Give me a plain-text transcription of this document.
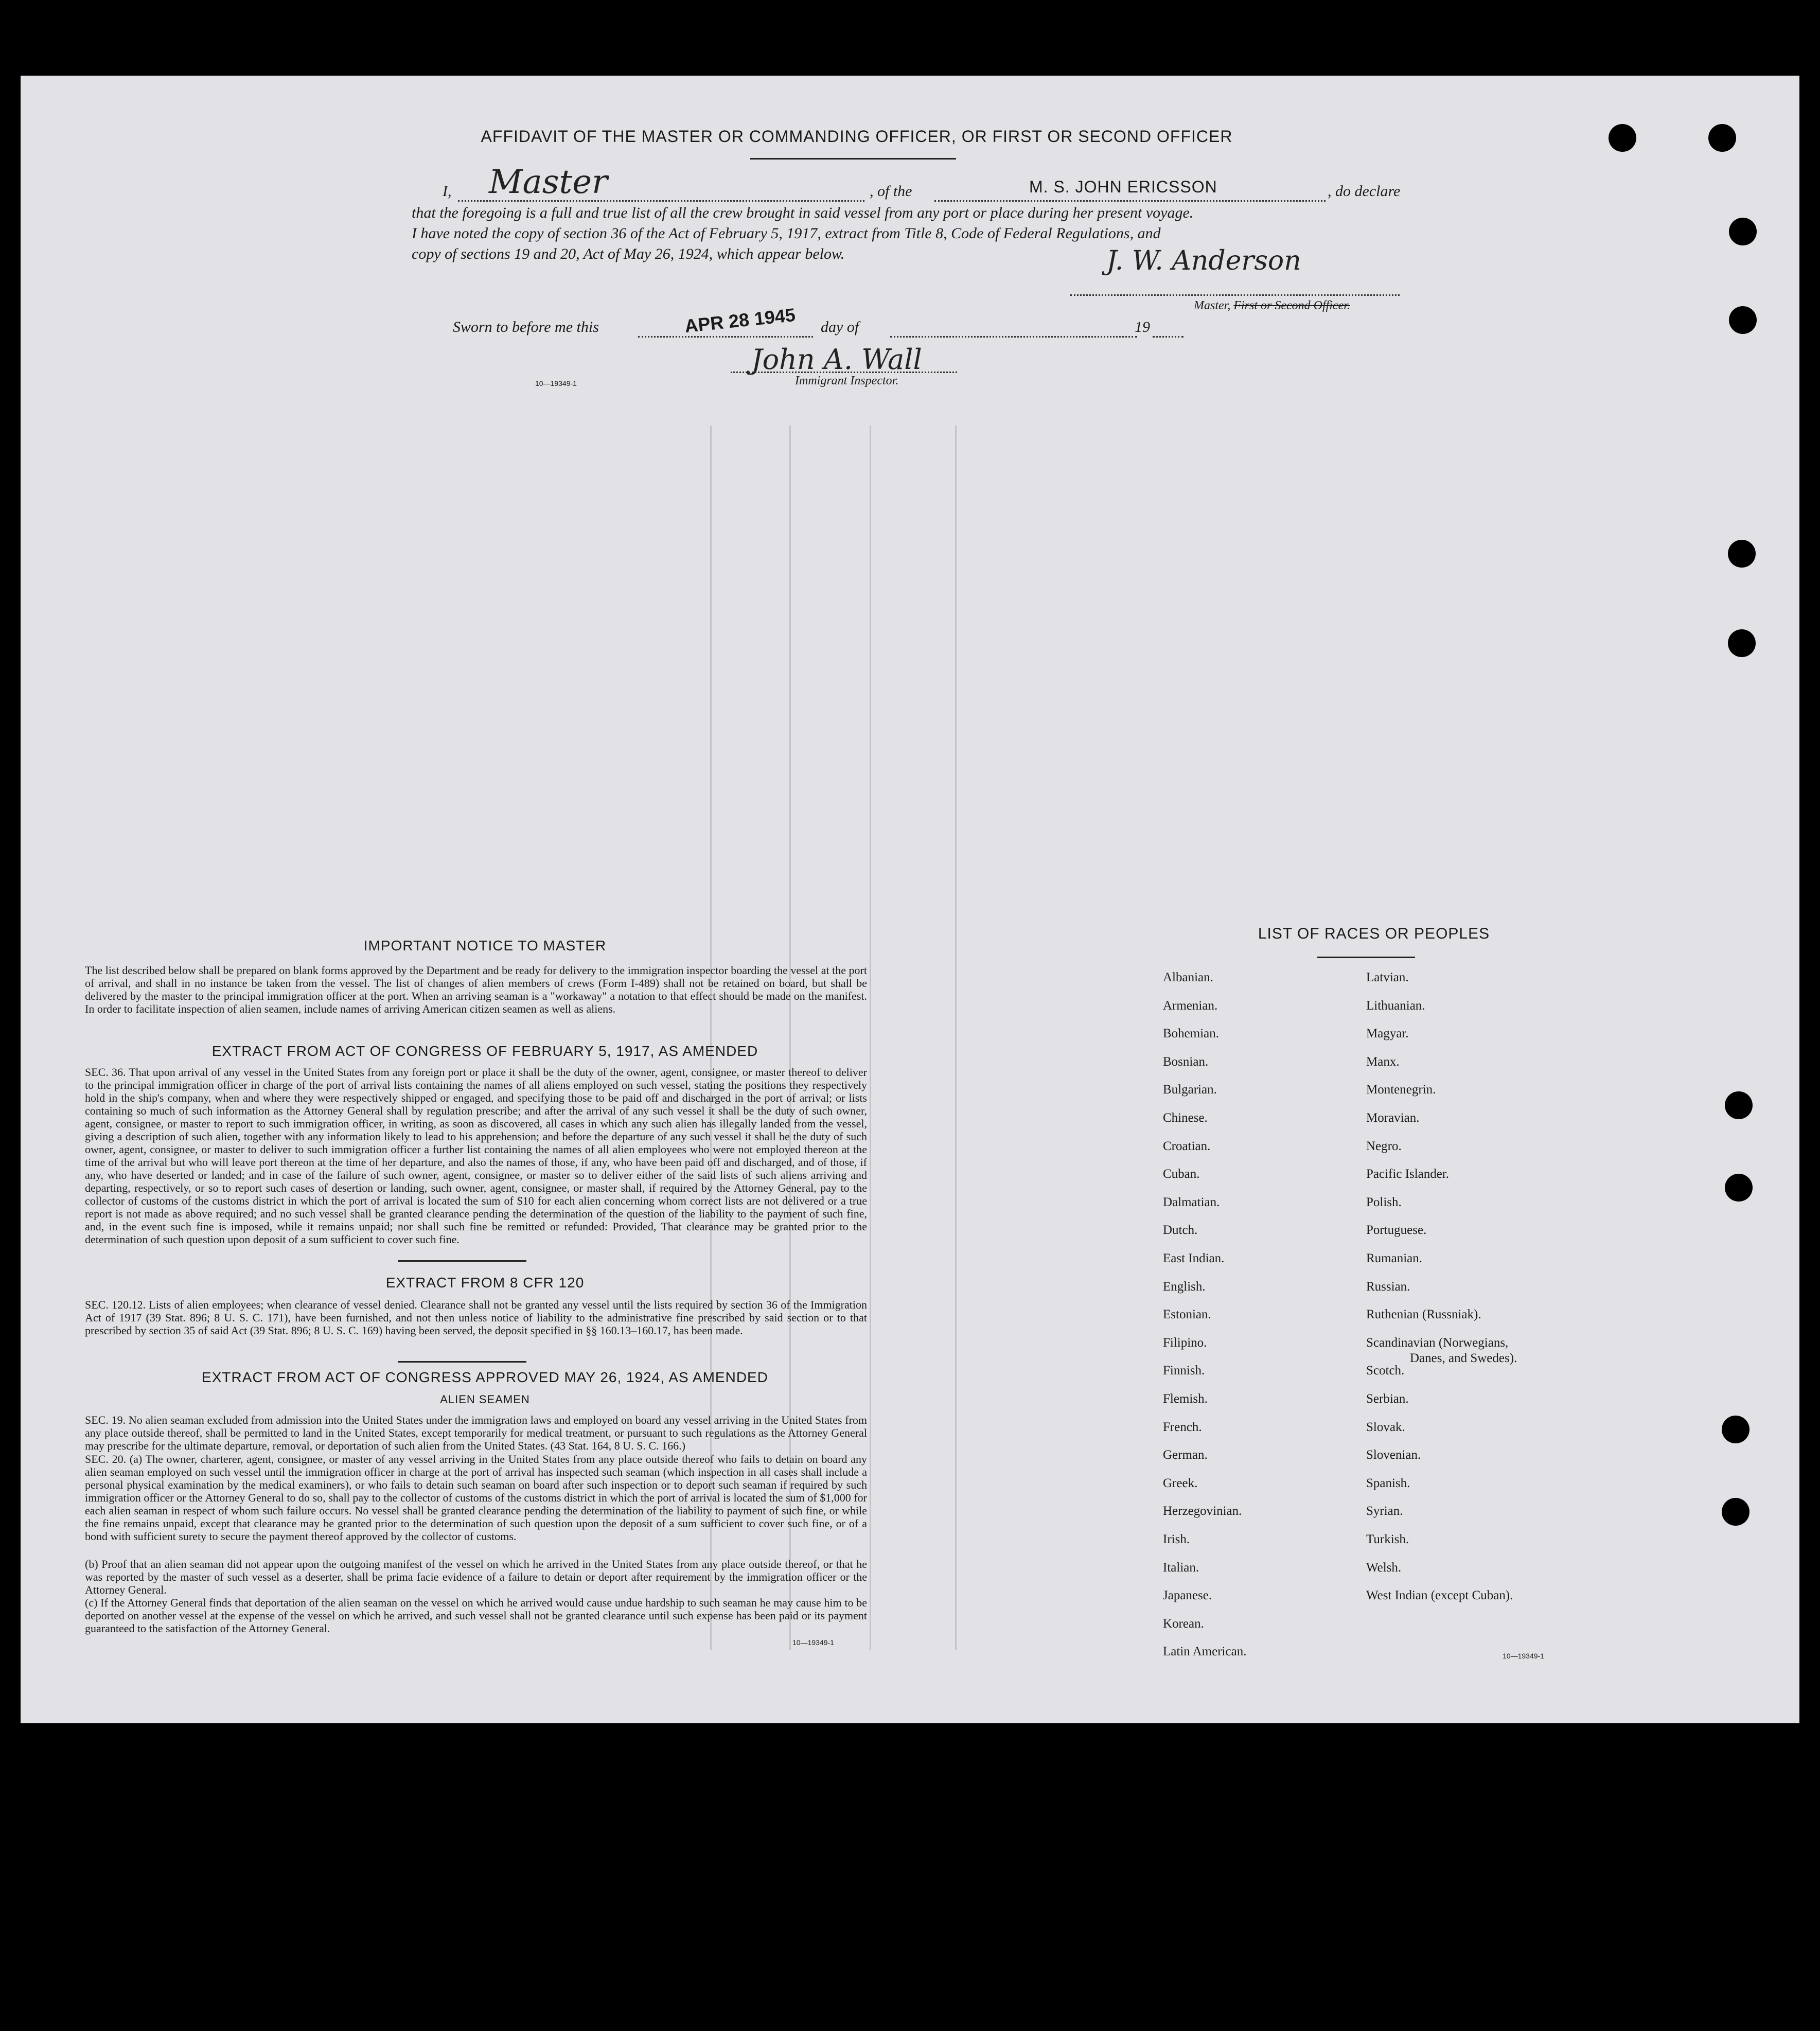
AFFIDAVIT OF THE MASTER OR COMMANDING OFFICER, OR FIRST OR SECOND OFFICER
I, Master	, of the	M. S. JOHN ERICSSON	, do declare
that the foregoing is a full and true list of all the crew brought in said vessel from any port or place during her present voyage.
I have noted the copy of section 36 of the Act of February 5, 1917, extract from Title 8, Code of Federal Regulations, and
copy of sections 19 and 20, Act of May 26, 1924, which appear below.	J. W. Anderson
Master, First or Second Officer.
Sworn to before me this	APR 28 1945 day of	19
John A. Wall
Immigrant Inspector.
10—19349-1
IMPORTANT NOTICE TO MASTER
The list described below shall be prepared on blank forms approved by the Department and be ready for delivery to the immigration inspector boarding the vessel at the port of arrival, and shall in no instance be taken from the vessel. The list of changes of alien members of crews (Form I-489) shall not be retained on board, but shall be delivered by the master to the principal immigration officer at the port. When an arriving seaman is a "workaway" a notation to that effect should be made on the manifest. In order to facilitate inspection of alien seamen, include names of arriving American citizen seamen as well as aliens.
EXTRACT FROM ACT OF CONGRESS OF FEBRUARY 5, 1917, AS AMENDED
SEC. 36. That upon arrival of any vessel in the United States from any foreign port or place it shall be the duty of the owner, agent, consignee, or master thereof to deliver to the principal immigration officer in charge of the port of arrival lists containing the names of all aliens employed on such vessel, stating the positions they respectively hold in the ship's company, when and where they were respectively shipped or engaged, and specifying those to be paid off and discharged in the port of arrival; or lists containing so much of such information as the Attorney General shall by regulation prescribe; and after the arrival of any such vessel it shall be the duty of such owner, agent, consignee, or master to report to such immigration officer, in writing, as soon as discovered, all cases in which any such alien has illegally landed from the vessel, giving a description of such alien, together with any information likely to lead to his apprehension; and before the departure of any such vessel it shall be the duty of such owner, agent, consignee, or master to deliver to such immigration officer a further list containing the names of all alien employees who were not employed thereon at the time of the arrival but who will leave port thereon at the time of her departure, and also the names of those, if any, who have been paid off and discharged, and of those, if any, who have deserted or landed; and in case of the failure of such owner, agent, consignee, or master so to deliver either of the said lists of such aliens arriving and departing, respectively, or so to report such cases of desertion or landing, such owner, agent, consignee, or master shall, if required by the Attorney General, pay to the collector of customs of the customs district in which the port of arrival is located the sum of $10 for each alien concerning whom correct lists are not delivered or a true report is not made as above required; and no such vessel shall be granted clearance pending the determination of the question of the liability to the payment of such fine, and, in the event such fine is imposed, while it remains unpaid; nor shall such fine be remitted or refunded: Provided, That clearance may be granted prior to the determination of such question upon deposit of a sum sufficient to cover such fine.
EXTRACT FROM 8 CFR 120
SEC. 120.12. Lists of alien employees; when clearance of vessel denied. Clearance shall not be granted any vessel until the lists required by section 36 of the Immigration Act of 1917 (39 Stat. 896; 8 U. S. C. 171), have been furnished, and not then unless notice of liability to the administrative fine prescribed by said section or to that prescribed by section 35 of said Act (39 Stat. 896; 8 U. S. C. 169) having been served, the deposit specified in §§ 160.13–160.17, has been made.
EXTRACT FROM ACT OF CONGRESS APPROVED MAY 26, 1924, AS AMENDED
ALIEN SEAMEN
SEC. 19. No alien seaman excluded from admission into the United States under the immigration laws and employed on board any vessel arriving in the United States from any place outside thereof, shall be permitted to land in the United States, except temporarily for medical treatment, or pursuant to such regulations as the Attorney General may prescribe for the ultimate departure, removal, or deportation of such alien from the United States. (43 Stat. 164, 8 U. S. C. 166.)
SEC. 20. (a) The owner, charterer, agent, consignee, or master of any vessel arriving in the United States from any place outside thereof who fails to detain on board any alien seaman employed on such vessel until the immigration officer in charge at the port of arrival has inspected such seaman (which inspection in all cases shall include a personal physical examination by the medical examiners), or who fails to detain such seaman on board after such inspection or to deport such seaman if required by such immigration officer or the Attorney General to do so, shall pay to the collector of customs of the customs district in which the port of arrival is located the sum of $1,000 for each alien seaman in respect of whom such failure occurs. No vessel shall be granted clearance pending the determination of the liability to payment of such fine, or while the fine remains unpaid, except that clearance may be granted prior to the determination of such question upon the deposit of a sum sufficient to cover such fine, or of a bond with sufficient surety to secure the payment thereof approved by the collector of customs.
(b) Proof that an alien seaman did not appear upon the outgoing manifest of the vessel on which he arrived in the United States from any place outside thereof, or that he was reported by the master of such vessel as a deserter, shall be prima facie evidence of a failure to detain or deport after requirement by the immigration officer or the Attorney General.
(c) If the Attorney General finds that deportation of the alien seaman on the vessel on which he arrived would cause undue hardship to such seaman he may cause him to be deported on another vessel at the expense of the vessel on which he arrived, and such vessel shall not be granted clearance until such expense has been paid or its payment guaranteed to the satisfaction of the Attorney General.
10—19349-1
LIST OF RACES OR PEOPLES
10—19349-1
Albanian.
Armenian.
Bohemian.
Bosnian.
Bulgarian.
Chinese.
Croatian.
Cuban.
Dalmatian.
Dutch.
East Indian.
English.
Estonian.
Filipino.
Finnish.
Flemish.
French.
German.
Greek.
Herzegovinian.
Irish.
Italian.
Japanese.
Korean.
Latin American.
Latvian.
Lithuanian.
Magyar.
Manx.
Montenegrin.
Moravian.
Negro.
Pacific Islander.
Polish.
Portuguese.
Rumanian.
Russian.
Ruthenian (Russniak).
Scandinavian (Norwegians,
Danes, and Swedes).
Scotch.
Serbian.
Slovak.
Slovenian.
Spanish.
Syrian.
Turkish.
Welsh.
West Indian (except Cuban).
